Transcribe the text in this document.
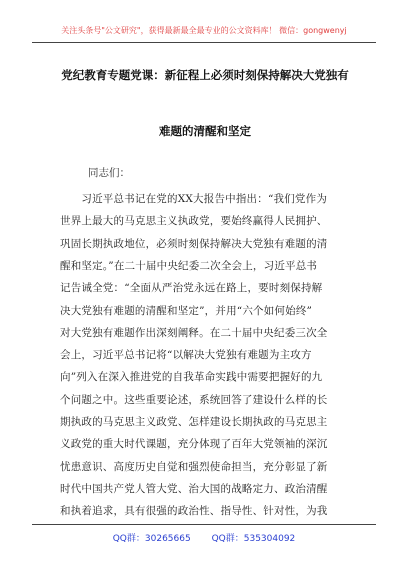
关注头条号"公文研究"，获得最新最全最专业的公文资料库！ 微信：gongwenyj
党纪教育专题党课：新征程上必须时刻保持解决大党独有
难题的清醒和坚定
同志们：
　　习近平总书记在党的XX大报告中指出：“我们党作为
世界上最大的马克思主义执政党，要始终赢得人民拥护、
巩固长期执政地位，必须时刻保持解决大党独有难题的清
醒和坚定。”在二十届中央纪委二次全会上，习近平总书
记告诫全党：“全面从严治党永远在路上，要时刻保持解
决大党独有难题的清醒和坚定”，并用“六个如何始终”
对大党独有难题作出深刻阐释。在二十届中央纪委三次全
会上，习近平总书记将“以解决大党独有难题为主攻方
向”列入在深入推进党的自我革命实践中需要把握好的九
个问题之中。这些重要论述，系统回答了建设什么样的长
期执政的马克思主义政党、怎样建设长期执政的马克思主
义政党的重大时代课题，充分体现了百年大党领袖的深沉
忧患意识、高度历史自觉和强烈使命担当，充分彰显了新
时代中国共产党人管大党、治大国的战略定力、政治清醒
和执着追求，具有很强的政治性、指导性、针对性，为我
QQ群：30265665 QQ群：535304092
